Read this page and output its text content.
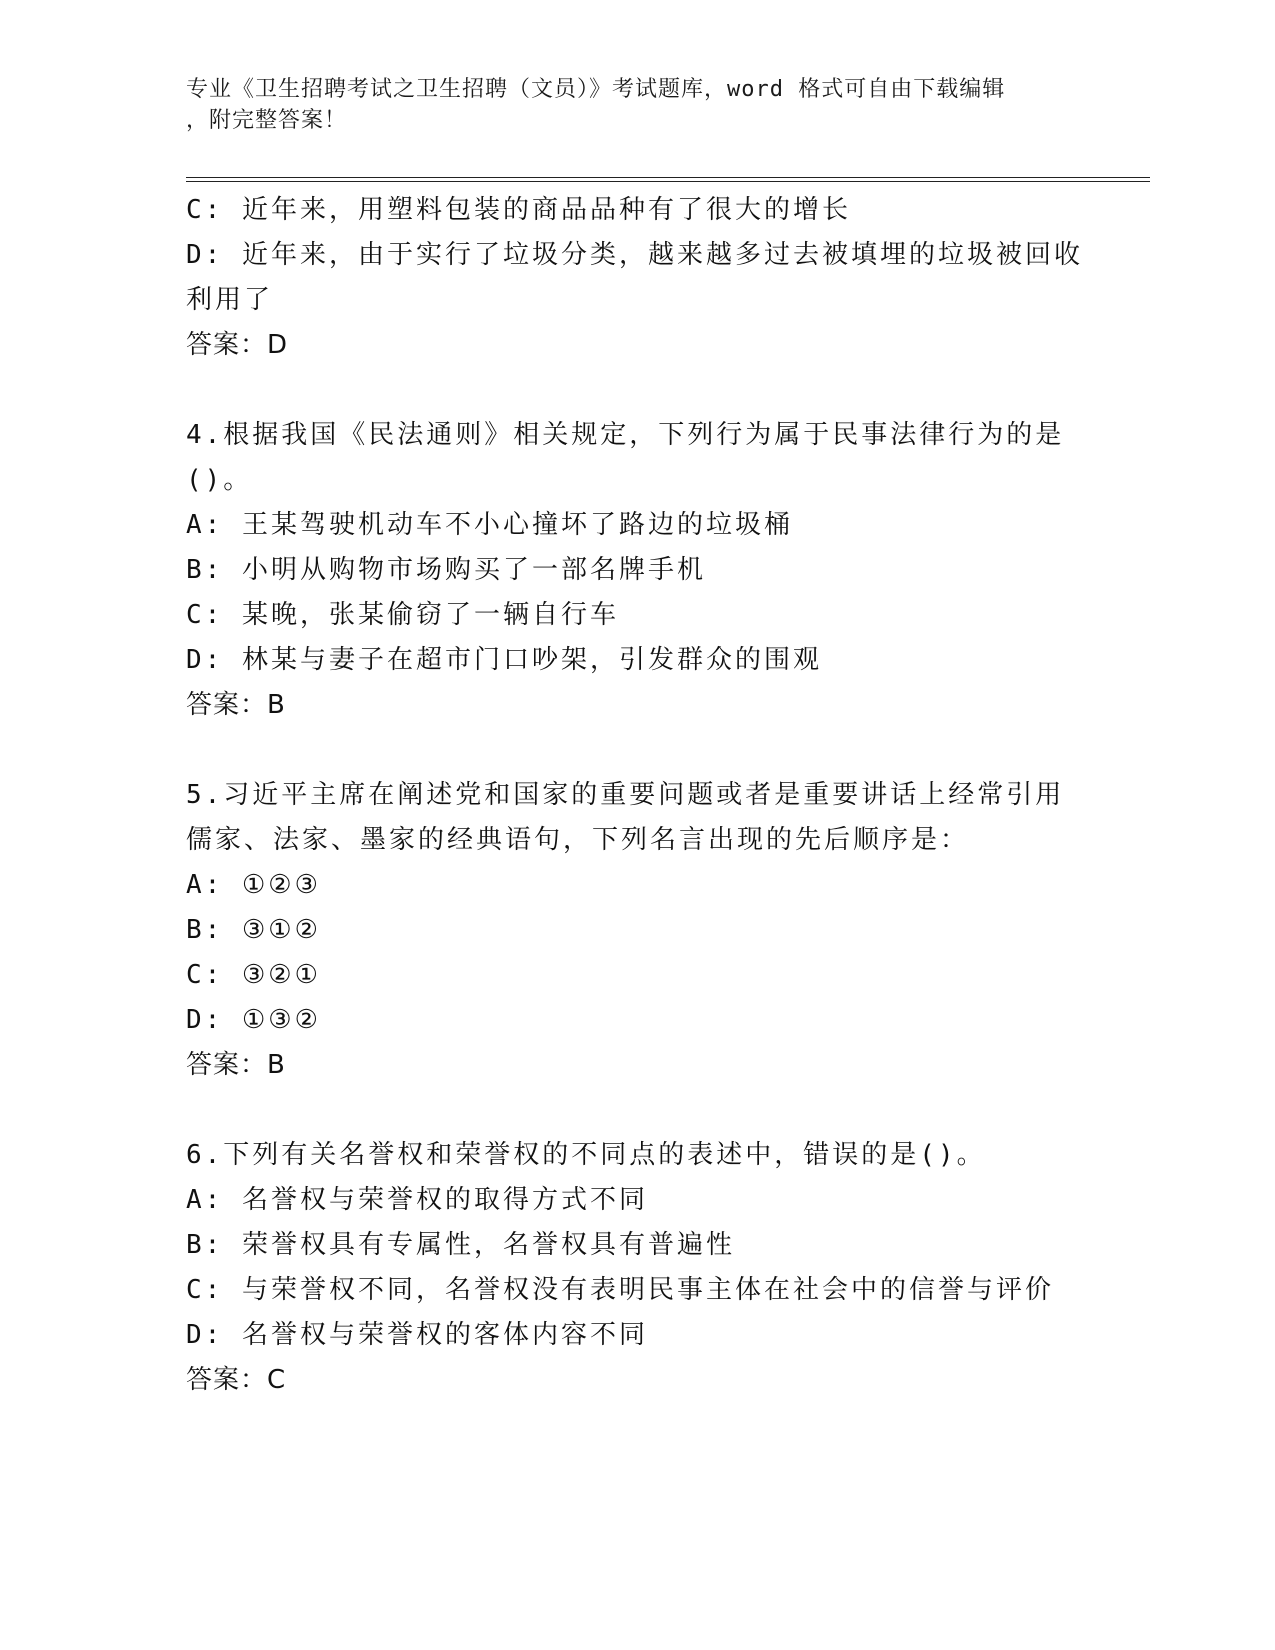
专业《卫生招聘考试之卫生招聘（文员）》考试题库，word 格式可自由下载编辑
，附完整答案！
C: 近年来，用塑料包装的商品品种有了很大的增长
D: 近年来，由于实行了垃圾分类，越来越多过去被填埋的垃圾被回收
利用了
答案：D
4.根据我国《民法通则》相关规定，下列行为属于民事法律行为的是
()。
A: 王某驾驶机动车不小心撞坏了路边的垃圾桶
B: 小明从购物市场购买了一部名牌手机
C: 某晚，张某偷窃了一辆自行车
D: 林某与妻子在超市门口吵架，引发群众的围观
答案：B
5.习近平主席在阐述党和国家的重要问题或者是重要讲话上经常引用
儒家、法家、墨家的经典语句，下列名言出现的先后顺序是：
A: ①②③
B: ③①②
C: ③②①
D: ①③②
答案：B
6.下列有关名誉权和荣誉权的不同点的表述中，错误的是()。
A: 名誉权与荣誉权的取得方式不同
B: 荣誉权具有专属性，名誉权具有普遍性
C: 与荣誉权不同，名誉权没有表明民事主体在社会中的信誉与评价
D: 名誉权与荣誉权的客体内容不同
答案：C
